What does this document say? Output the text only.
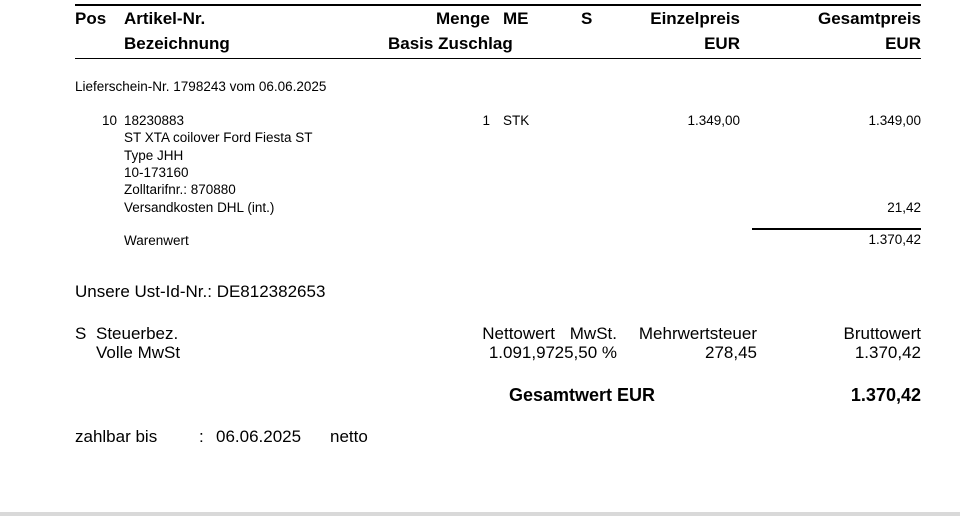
Pos Artikel-Nr.	Menge ME	S	Einzelpreis	Gesamtpreis
Bezeichnung	Basis Zuschlag	EUR	EUR
Lieferschein-Nr. 1798243 vom 06.06.2025
10 18230883	1 STK	1.349,00	1.349,00
ST XTA coilover Ford Fiesta ST
Type JHH
10-173160
Zolltarifnr.: 870880
Versandkosten DHL (int.)	21,42
Warenwert	1.370,42
Unsere Ust-Id-Nr.: DE812382653
S Steuerbez.	Nettowert MwSt. Mehrwertsteuer	Bruttowert
Volle MwSt	1.091,97 25,50 %	278,45	1.370,42
Gesamtwert EUR	1.370,42
zahlbar bis : 06.06.2025 netto
